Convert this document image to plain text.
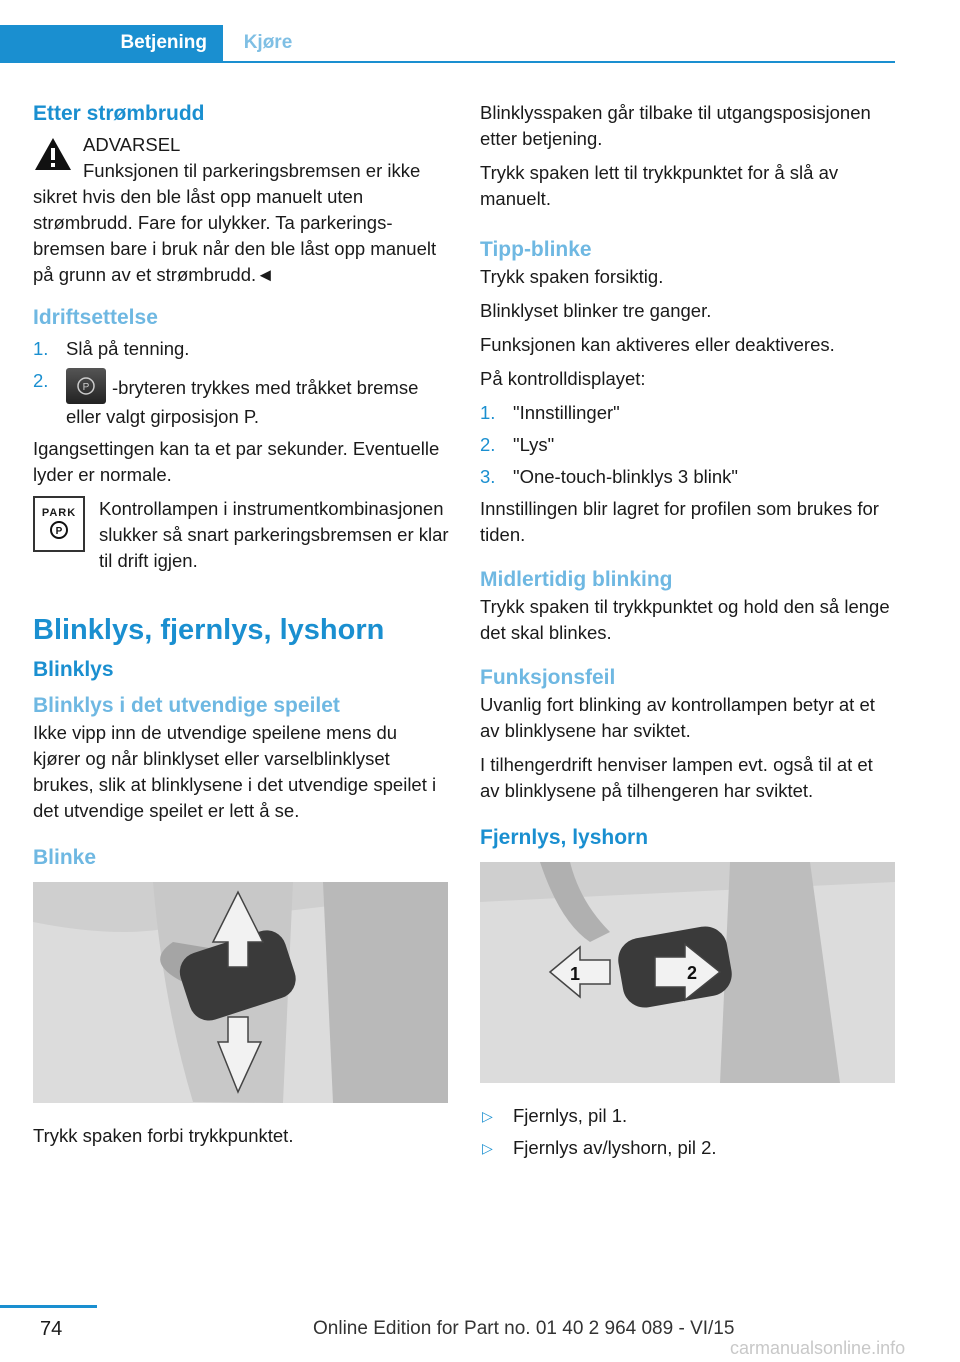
Betjening	Kjøre
Etter strømbrudd

ADVARSEL

Funksjonen til parkeringsbremsen er ikke sikret hvis den ble låst opp manuelt uten strømbrudd. Fare for ulykker. Ta parkeringsbremsen bare i bruk når den ble låst opp manuelt på grunn av et strømbrudd.◄

Idriftsettelse
1. Slå på tenning.
2.	P -bryteren trykkes med tråkket bremse eller valgt girposisjon P.

Igangsettingen kan ta et par sekunder. Eventuelle lyder er normale.

PARK
P

Kontrollampen i instrumentkombinasjonen slukker så snart parkeringsbremsen er klar til drift igjen.

Blinklys, fjernlys, lyshorn
Blinklys
Blinklys i det utvendige speilet

Ikke vipp inn de utvendige speilene mens du kjører og når blinklyset eller varselblinklyset brukes, slik at blinklysene i det utvendige speilet i det utvendige speilet er lett å se.

Blinke

Trykk spaken forbi trykkpunktet.

Blinklysspaken går tilbake til utgangsposisjonen etter betjening.

Trykk spaken lett til trykkpunktet for å slå av manuelt.

Tipp-blinke

Trykk spaken forsiktig.

Blinklyset blinker tre ganger.

Funksjonen kan aktiveres eller deaktiveres.

På kontrolldisplayet:

1. "Innstillinger"
2. "Lys"
3. "One-touch-blinklys 3 blink"

Innstillingen blir lagret for profilen som brukes for tiden.

Midlertidig blinking

Trykk spaken til trykkpunktet og hold den så lenge det skal blinkes.

Funksjonsfeil

Uvanlig fort blinking av kontrollampen betyr at et av blinklysene har sviktet.

I tilhengerdrift henviser lampen evt. også til at et av blinklysene på tilhengeren har sviktet.

Fjernlys, lyshorn
1	2
▷ Fjernlys, pil 1.
▷ Fjernlys av/lyshorn, pil 2.
74	Online Edition for Part no. 01 40 2 964 089 - VI/15
carmanualsonline.info
